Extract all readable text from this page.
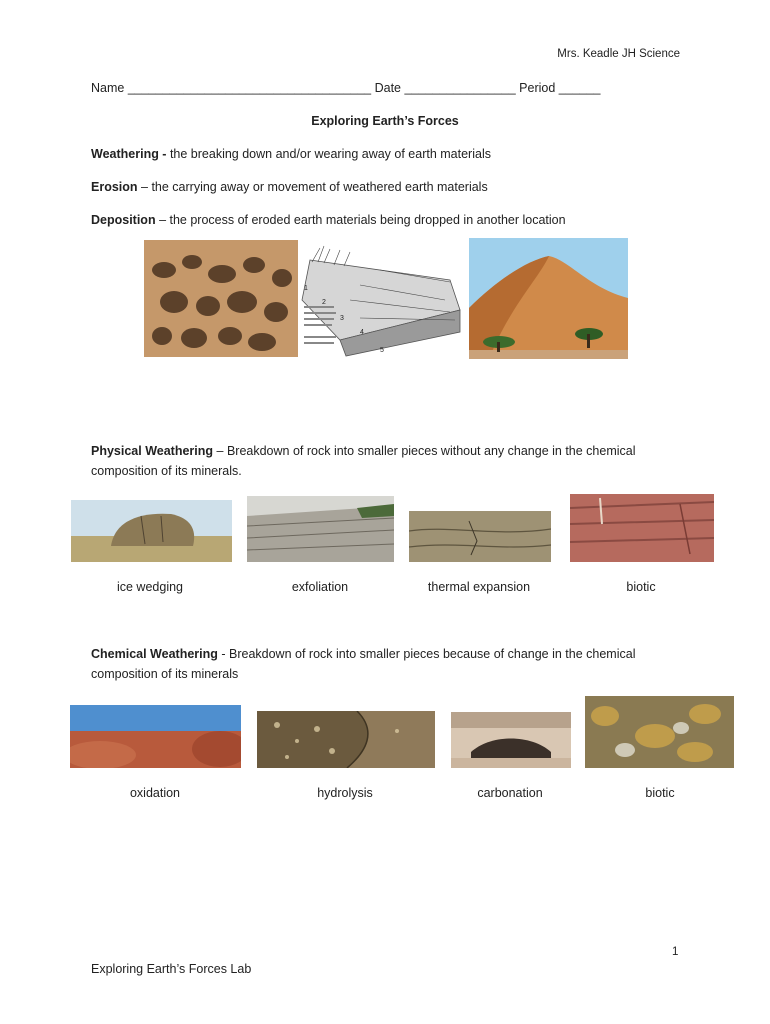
Mrs. Keadle JH Science
Name ___________________________________ Date ________________ Period ______
Exploring Earth’s Forces
Weathering - the breaking down and/or wearing away of earth materials
Erosion – the carrying away or movement of weathered earth materials
Deposition – the process of eroded earth materials being dropped in another location
1
2
3
4
5
Physical Weathering – Breakdown of rock into smaller pieces without any change in the chemical composition of its minerals.
ice wedging	exfoliation	thermal expansion	biotic
Chemical Weathering - Breakdown of rock into smaller pieces because of change in the chemical composition of its minerals
oxidation	hydrolysis	carbonation	biotic
1
Exploring Earth’s Forces Lab
